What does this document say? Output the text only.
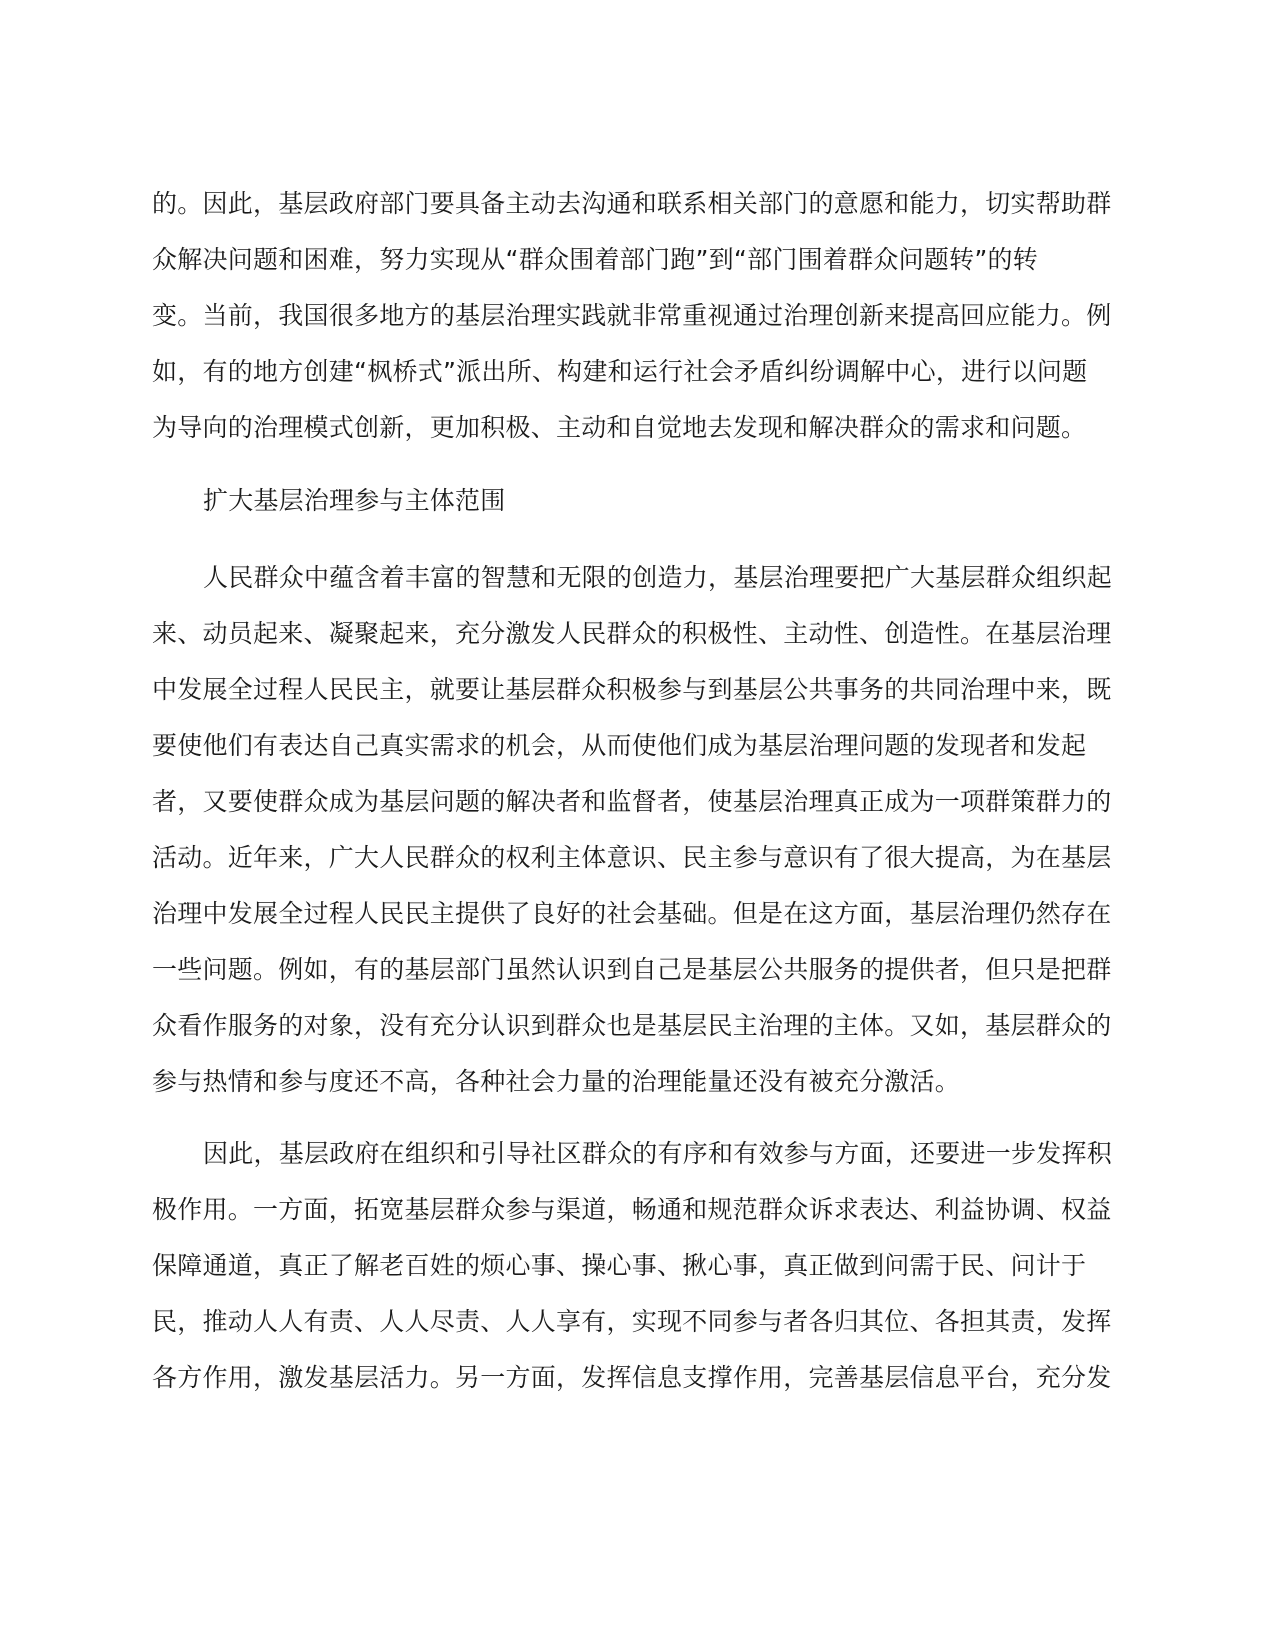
的。因此，基层政府部门要具备主动去沟通和联系相关部门的意愿和能力，切实帮助群
众解决问题和困难，努力实现从“群众围着部门跑”到“部门围着群众问题转”的转
变。当前，我国很多地方的基层治理实践就非常重视通过治理创新来提高回应能力。例
如，有的地方创建“枫桥式”派出所、构建和运行社会矛盾纠纷调解中心，进行以问题
为导向的治理模式创新，更加积极、主动和自觉地去发现和解决群众的需求和问题。
扩大基层治理参与主体范围
人民群众中蕴含着丰富的智慧和无限的创造力，基层治理要把广大基层群众组织起
来、动员起来、凝聚起来，充分激发人民群众的积极性、主动性、创造性。在基层治理
中发展全过程人民民主，就要让基层群众积极参与到基层公共事务的共同治理中来，既
要使他们有表达自己真实需求的机会，从而使他们成为基层治理问题的发现者和发起
者，又要使群众成为基层问题的解决者和监督者，使基层治理真正成为一项群策群力的
活动。近年来，广大人民群众的权利主体意识、民主参与意识有了很大提高，为在基层
治理中发展全过程人民民主提供了良好的社会基础。但是在这方面，基层治理仍然存在
一些问题。例如，有的基层部门虽然认识到自己是基层公共服务的提供者，但只是把群
众看作服务的对象，没有充分认识到群众也是基层民主治理的主体。又如，基层群众的
参与热情和参与度还不高，各种社会力量的治理能量还没有被充分激活。
因此，基层政府在组织和引导社区群众的有序和有效参与方面，还要进一步发挥积
极作用。一方面，拓宽基层群众参与渠道，畅通和规范群众诉求表达、利益协调、权益
保障通道，真正了解老百姓的烦心事、操心事、揪心事，真正做到问需于民、问计于
民，推动人人有责、人人尽责、人人享有，实现不同参与者各归其位、各担其责，发挥
各方作用，激发基层活力。另一方面，发挥信息支撑作用，完善基层信息平台，充分发
